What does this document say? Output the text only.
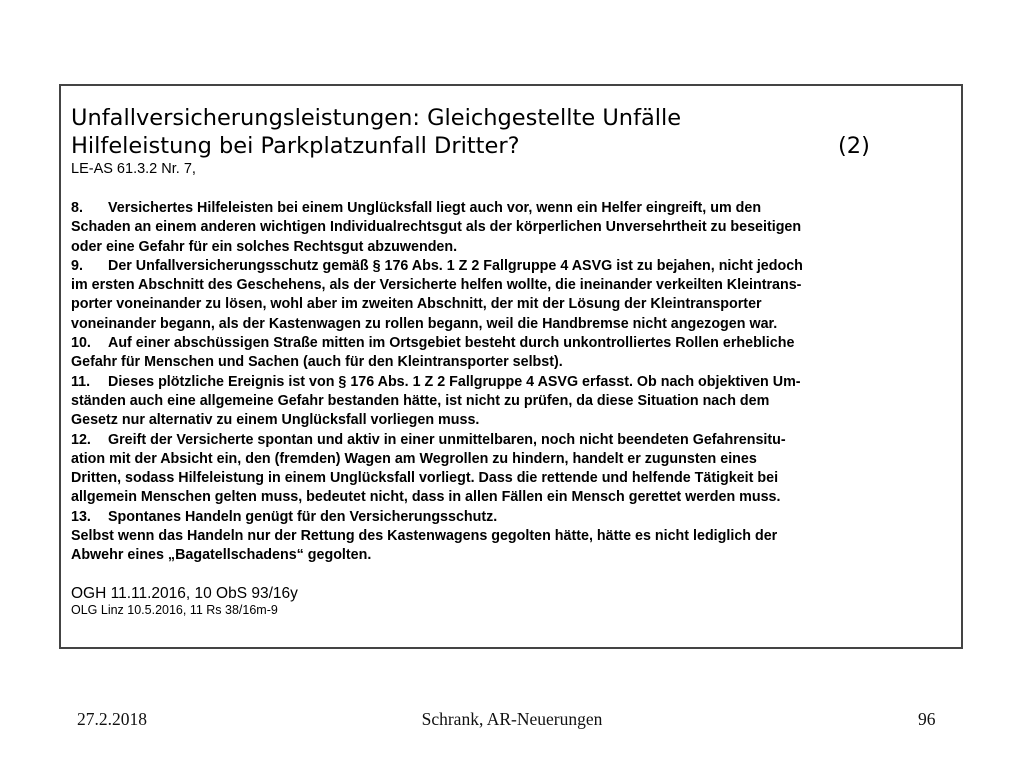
Unfallversicherungsleistungen: Gleichgestellte Unfälle
Hilfeleistung bei Parkplatzunfall Dritter?	(2)
LE-AS 61.3.2 Nr. 7,
8. Versichertes Hilfeleisten bei einem Unglücksfall liegt auch vor, wenn ein Helfer eingreift, um den
Schaden an einem anderen wichtigen Individualrechtsgut als der körperlichen Unversehrtheit zu beseitigen
oder eine Gefahr für ein solches Rechtsgut abzuwenden.
9. Der Unfallversicherungsschutz gemäß § 176 Abs. 1 Z 2 Fallgruppe 4 ASVG ist zu bejahen, nicht jedoch
im ersten Abschnitt des Geschehens, als der Versicherte helfen wollte, die ineinander verkeilten Kleintrans-
porter voneinander zu lösen, wohl aber im zweiten Abschnitt, der mit der Lösung der Kleintransporter
voneinander begann, als der Kastenwagen zu rollen begann, weil die Handbremse nicht angezogen war.
10. Auf einer abschüssigen Straße mitten im Ortsgebiet besteht durch unkontrolliertes Rollen erhebliche
Gefahr für Menschen und Sachen (auch für den Kleintransporter selbst).
11. Dieses plötzliche Ereignis ist von § 176 Abs. 1 Z 2 Fallgruppe 4 ASVG erfasst. Ob nach objektiven Um-
ständen auch eine allgemeine Gefahr bestanden hätte, ist nicht zu prüfen, da diese Situation nach dem
Gesetz nur alternativ zu einem Unglücksfall vorliegen muss.
12. Greift der Versicherte spontan und aktiv in einer unmittelbaren, noch nicht beendeten Gefahrensitu-
ation mit der Absicht ein, den (fremden) Wagen am Wegrollen zu hindern, handelt er zugunsten eines
Dritten, sodass Hilfeleistung in einem Unglücksfall vorliegt. Dass die rettende und helfende Tätigkeit bei
allgemein Menschen gelten muss, bedeutet nicht, dass in allen Fällen ein Mensch gerettet werden muss.
13. Spontanes Handeln genügt für den Versicherungsschutz.
Selbst wenn das Handeln nur der Rettung des Kastenwagens gegolten hätte, hätte es nicht lediglich der
Abwehr eines „Bagatellschadens“ gegolten.
OGH 11.11.2016, 10 ObS 93/16y
OLG Linz 10.5.2016, 11 Rs 38/16m-9
27.2.2018	Schrank, AR-Neuerungen	96
